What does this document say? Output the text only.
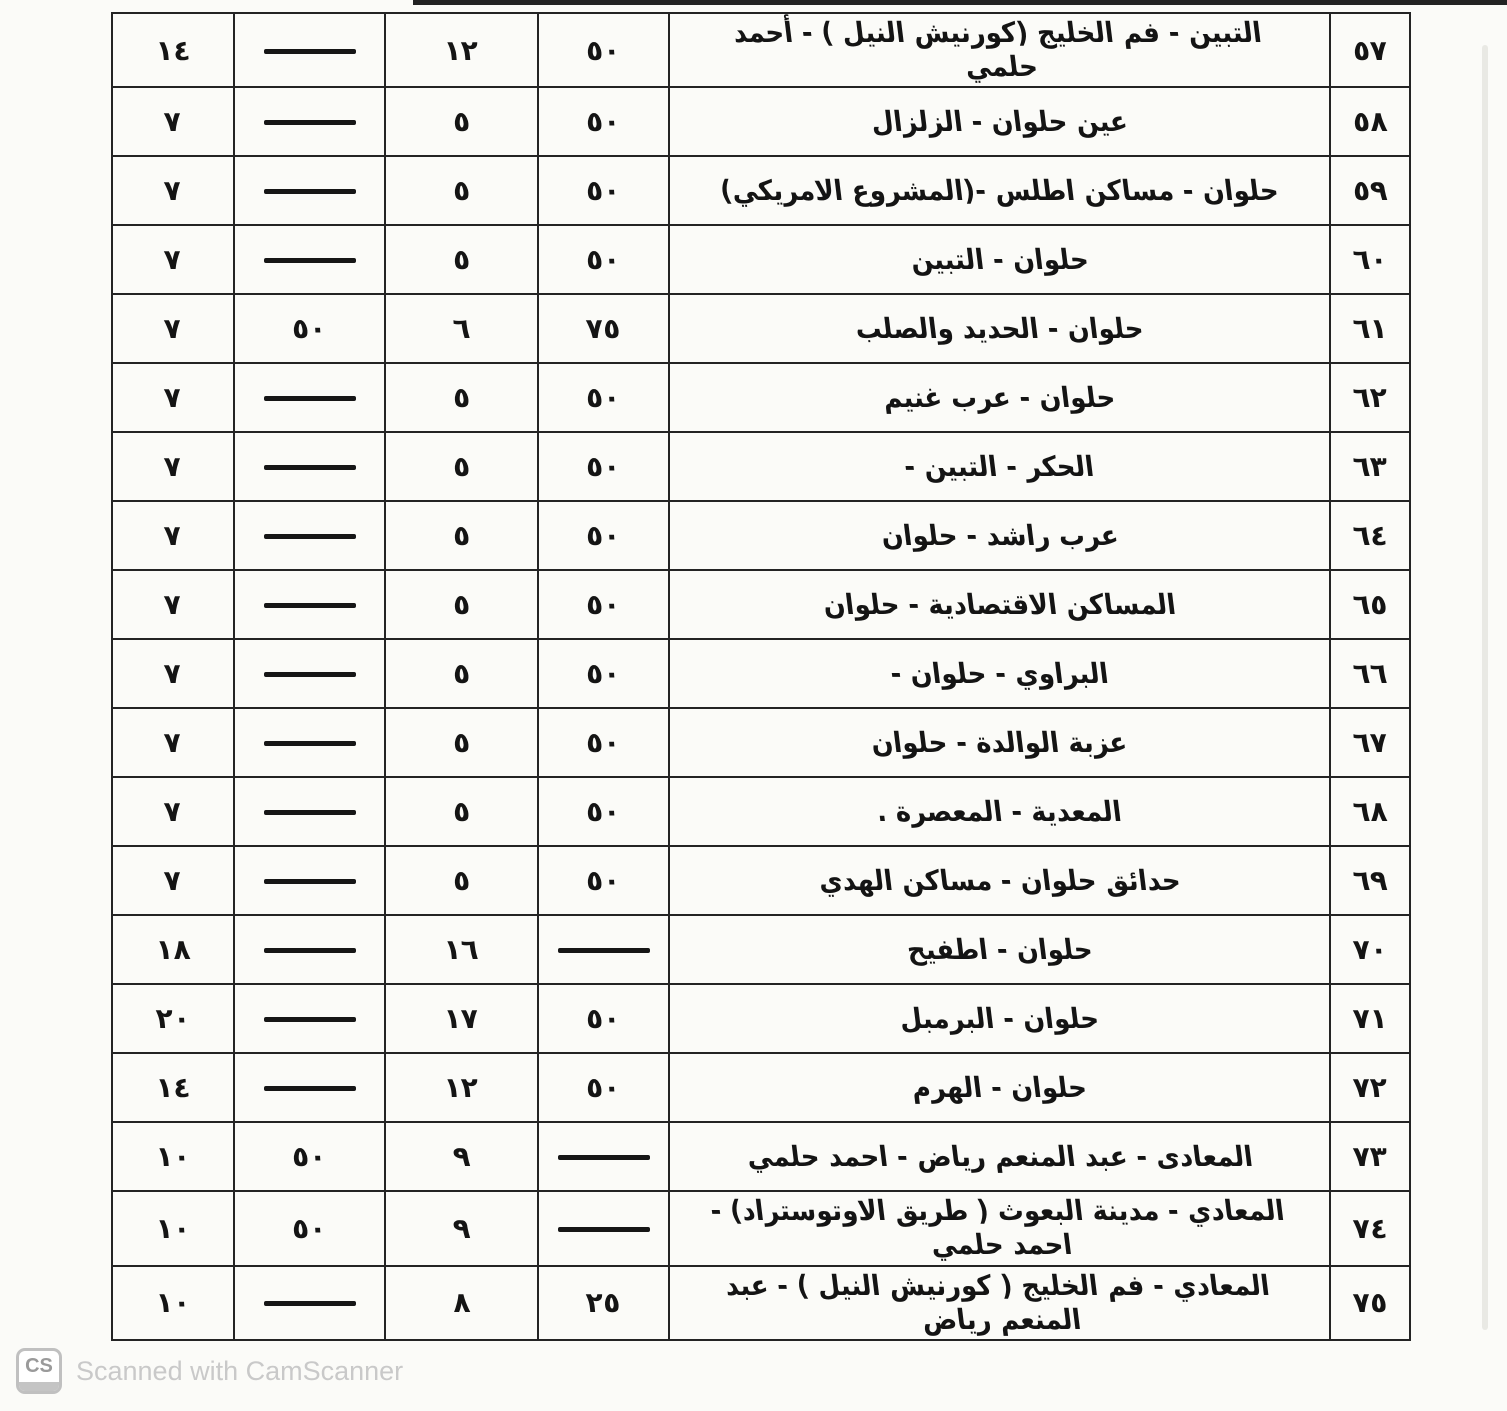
١٤		١٢	٥٠	التبين - فم الخليج (كورنيش النيل ) - أحمد حلمي	٥٧
٧		٥	٥٠	عين حلوان - الزلزال	٥٨
٧		٥	٥٠	حلوان - مساكن اطلس -(المشروع الامريكي)	٥٩
٧		٥	٥٠	حلوان - التبين	٦٠
٧	٥٠	٦	٧٥	حلوان - الحديد والصلب	٦١
٧		٥	٥٠	حلوان - عرب غنيم	٦٢
٧		٥	٥٠	الحكر - التبين -	٦٣
٧		٥	٥٠	عرب راشد - حلوان	٦٤
٧		٥	٥٠	المساكن الاقتصادية - حلوان	٦٥
٧		٥	٥٠	البراوي - حلوان -	٦٦
٧		٥	٥٠	عزبة الوالدة - حلوان	٦٧
٧		٥	٥٠	المعدية - المعصرة .	٦٨
٧		٥	٥٠	حدائق حلوان - مساكن الهدي	٦٩
١٨		١٦		حلوان - اطفيح	٧٠
٢٠		١٧	٥٠	حلوان - البرمبل	٧١
١٤		١٢	٥٠	حلوان - الهرم	٧٢
١٠	٥٠	٩		المعادى - عبد المنعم رياض - احمد حلمي	٧٣
١٠	٥٠	٩		المعادي - مدينة البعوث ( طريق الاوتوستراد) - احمد حلمي	٧٤
١٠		٨	٢٥	المعادي - فم الخليج ( كورنيش النيل ) - عبد المنعم رياض	٧٥
CS Scanned with CamScanner
